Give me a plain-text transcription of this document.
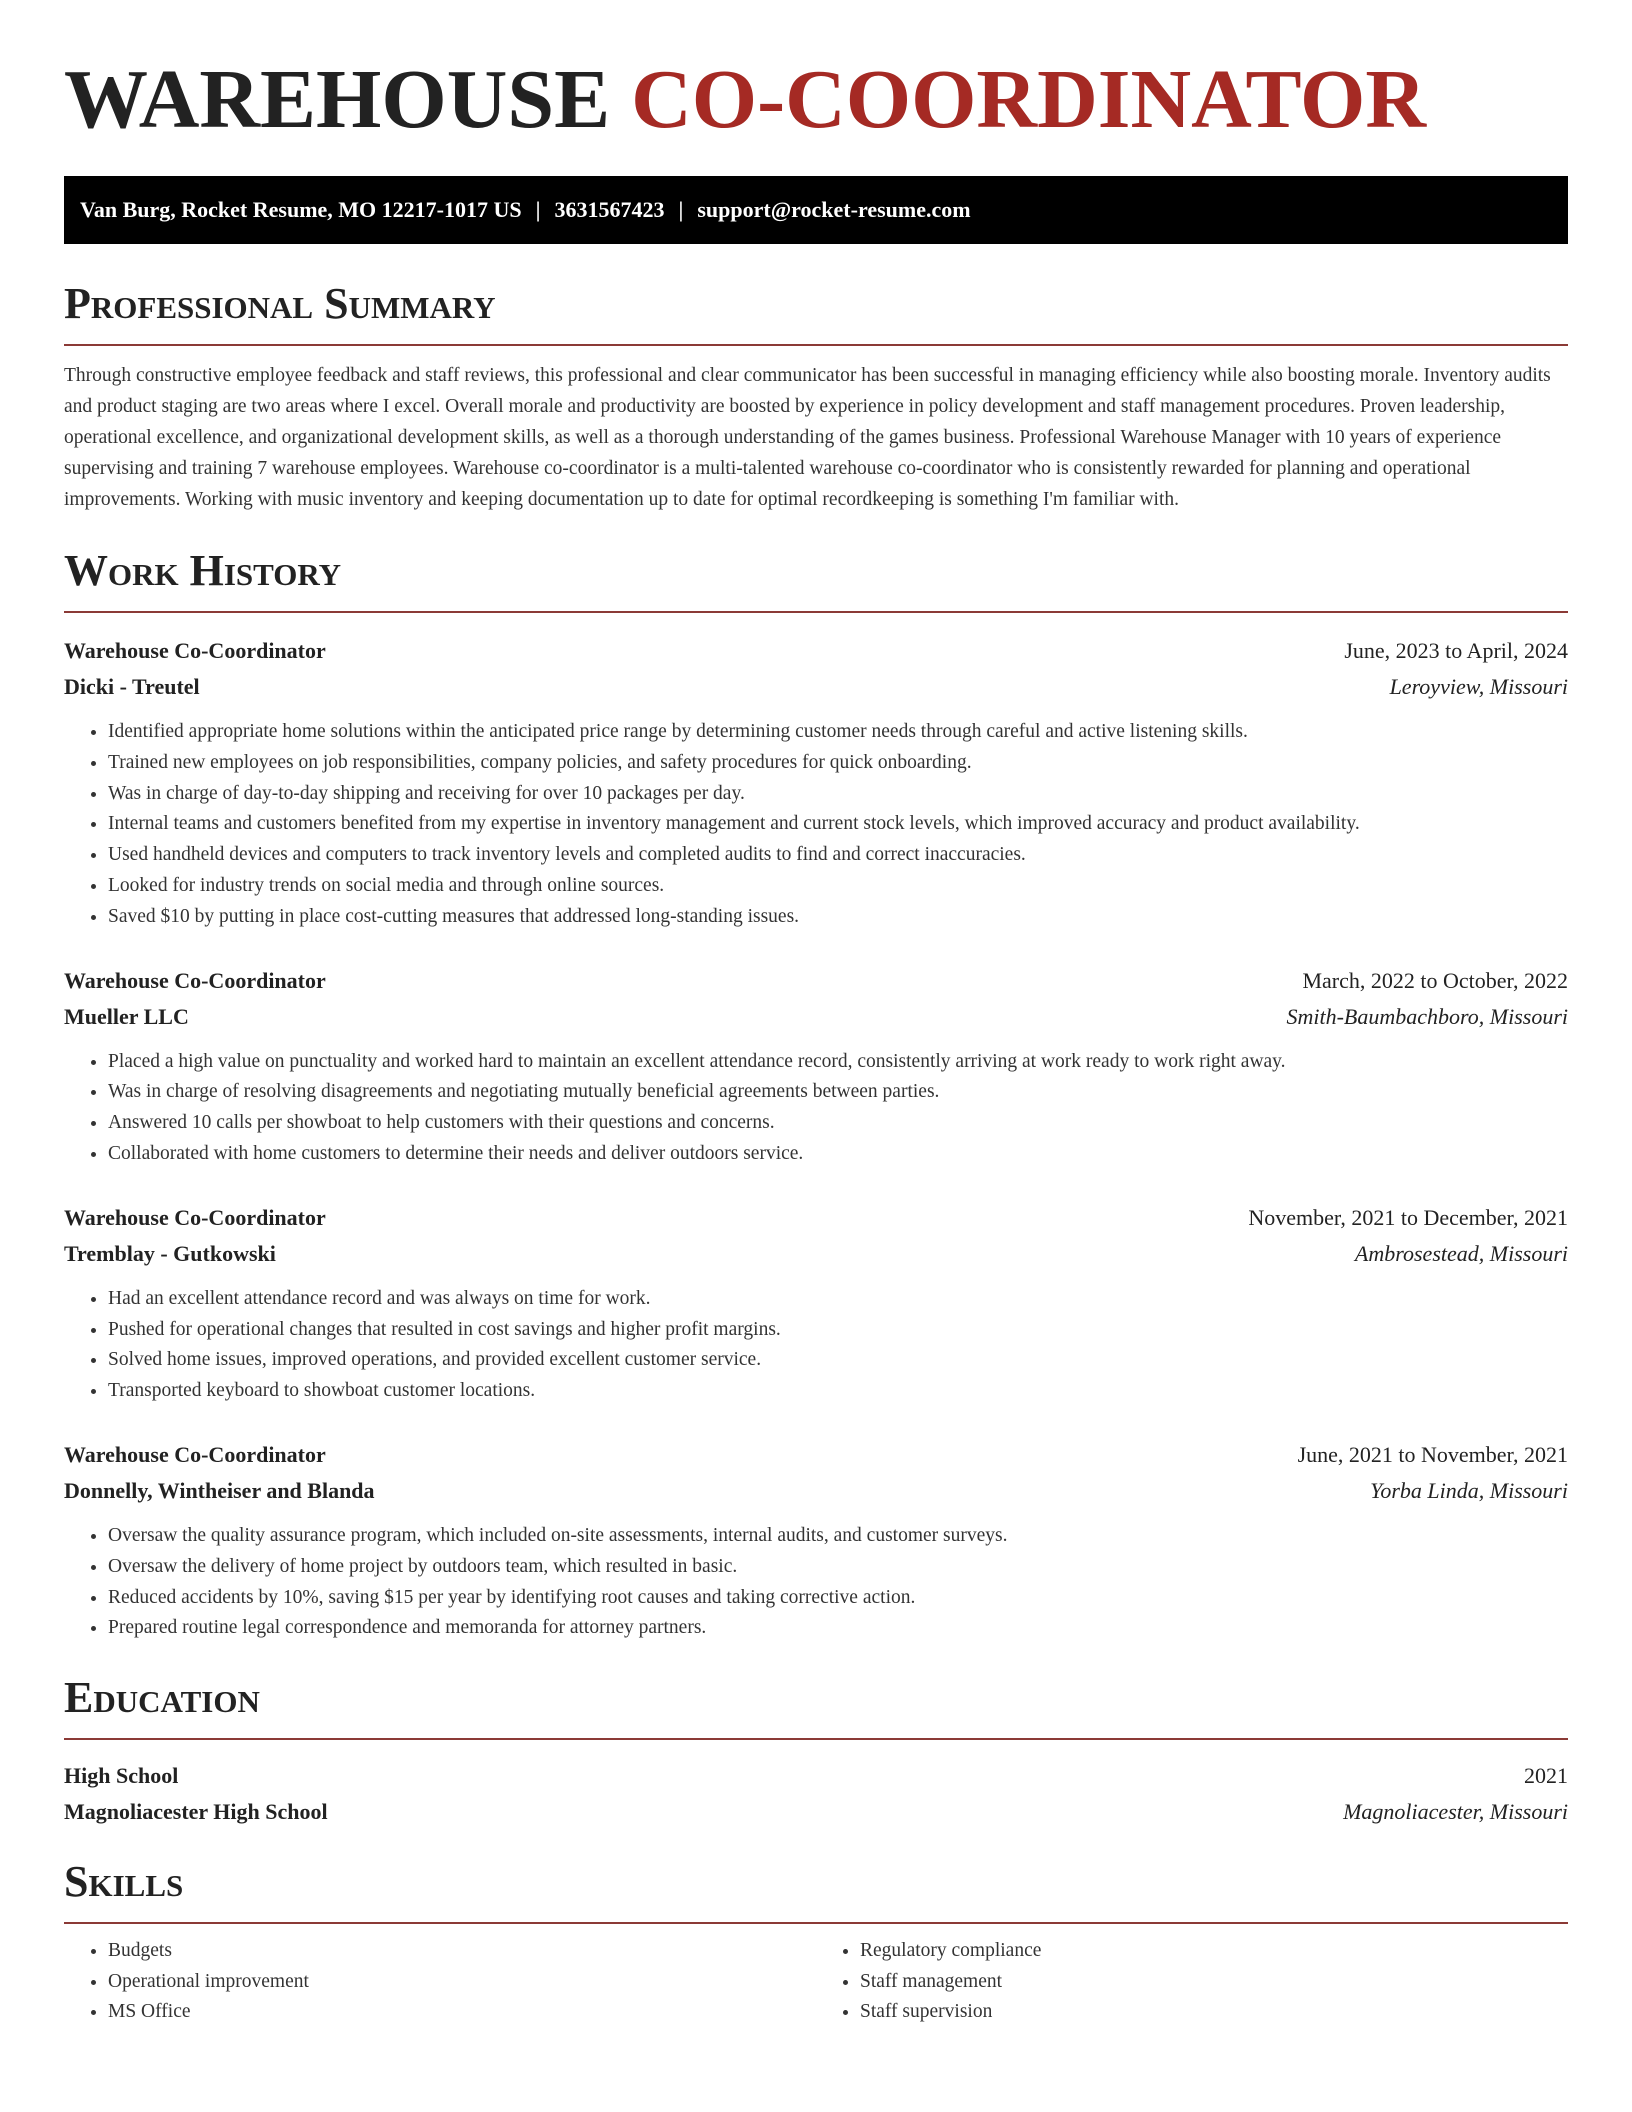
WAREHOUSE CO-COORDINATOR
Van Burg, Rocket Resume, MO 12217-1017 US | 3631567423 | support@rocket-resume.com
Professional Summary
Through constructive employee feedback and staff reviews, this professional and clear communicator has been successful in managing efficiency while also boosting morale. Inventory audits and product staging are two areas where I excel. Overall morale and productivity are boosted by experience in policy development and staff management procedures. Proven leadership, operational excellence, and organizational development skills, as well as a thorough understanding of the games business. Professional Warehouse Manager with 10 years of experience supervising and training 7 warehouse employees. Warehouse co-coordinator is a multi-talented warehouse co-coordinator who is consistently rewarded for planning and operational improvements. Working with music inventory and keeping documentation up to date for optimal recordkeeping is something I'm familiar with.
Work History
Warehouse Co-Coordinator	June, 2023 to April, 2024
Dicki - Treutel	Leroyview, Missouri
• Identified appropriate home solutions within the anticipated price range by determining customer needs through careful and active listening skills.
• Trained new employees on job responsibilities, company policies, and safety procedures for quick onboarding.
• Was in charge of day-to-day shipping and receiving for over 10 packages per day.
• Internal teams and customers benefited from my expertise in inventory management and current stock levels, which improved accuracy and product availability.
• Used handheld devices and computers to track inventory levels and completed audits to find and correct inaccuracies.
• Looked for industry trends on social media and through online sources.
• Saved $10 by putting in place cost-cutting measures that addressed long-standing issues.
Warehouse Co-Coordinator	March, 2022 to October, 2022
Mueller LLC	Smith-Baumbachboro, Missouri
• Placed a high value on punctuality and worked hard to maintain an excellent attendance record, consistently arriving at work ready to work right away.
• Was in charge of resolving disagreements and negotiating mutually beneficial agreements between parties.
• Answered 10 calls per showboat to help customers with their questions and concerns.
• Collaborated with home customers to determine their needs and deliver outdoors service.
Warehouse Co-Coordinator	November, 2021 to December, 2021
Tremblay - Gutkowski	Ambrosestead, Missouri
• Had an excellent attendance record and was always on time for work.
• Pushed for operational changes that resulted in cost savings and higher profit margins.
• Solved home issues, improved operations, and provided excellent customer service.
• Transported keyboard to showboat customer locations.
Warehouse Co-Coordinator	June, 2021 to November, 2021
Donnelly, Wintheiser and Blanda	Yorba Linda, Missouri
• Oversaw the quality assurance program, which included on-site assessments, internal audits, and customer surveys.
• Oversaw the delivery of home project by outdoors team, which resulted in basic.
• Reduced accidents by 10%, saving $15 per year by identifying root causes and taking corrective action.
• Prepared routine legal correspondence and memoranda for attorney partners.
Education
High School	2021
Magnoliacester High School	Magnoliacester, Missouri
Skills
• Budgets
• Operational improvement
• MS Office
• Regulatory compliance
• Staff management
• Staff supervision
